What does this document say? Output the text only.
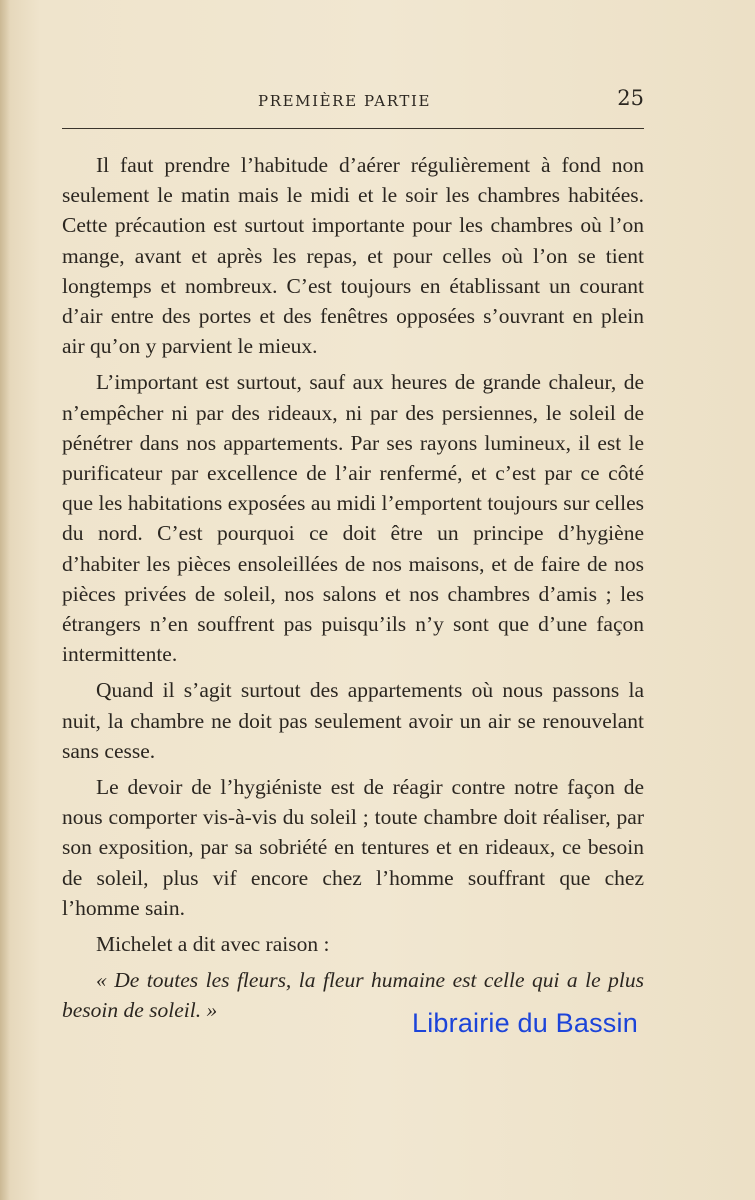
PREMIÈRE PARTIE	25

Il faut prendre l’habitude d’aérer régulièrement à fond non seulement le matin mais le midi et le soir les chambres habitées. Cette précaution est surtout importante pour les chambres où l’on mange, avant et après les repas, et pour celles où l’on se tient longtemps et nombreux. C’est toujours en établissant un courant d’air entre des portes et des fenêtres opposées s’ouvrant en plein air qu’on y parvient le mieux.

L’important est surtout, sauf aux heures de grande chaleur, de n’empêcher ni par des rideaux, ni par des persiennes, le soleil de pénétrer dans nos appartements. Par ses rayons lumineux, il est le purificateur par excellence de l’air renfermé, et c’est par ce côté que les habitations exposées au midi l’emportent toujours sur celles du nord. C’est pourquoi ce doit être un principe d’hygiène d’habiter les pièces ensoleillées de nos maisons, et de faire de nos pièces privées de soleil, nos salons et nos chambres d’amis ; les étrangers n’en souffrent pas puisqu’ils n’y sont que d’une façon intermittente.

Quand il s’agit surtout des appartements où nous passons la nuit, la chambre ne doit pas seulement avoir un air se renouvelant sans cesse.

Le devoir de l’hygiéniste est de réagir contre notre façon de nous comporter vis-à-vis du soleil ; toute chambre doit réaliser, par son exposition, par sa sobriété en tentures et en rideaux, ce besoin de soleil, plus vif encore chez l’homme souffrant que chez l’homme sain.

Michelet a dit avec raison :

« De toutes les fleurs, la fleur humaine est celle qui a le plus besoin de soleil. »	Librairie du Bassin
